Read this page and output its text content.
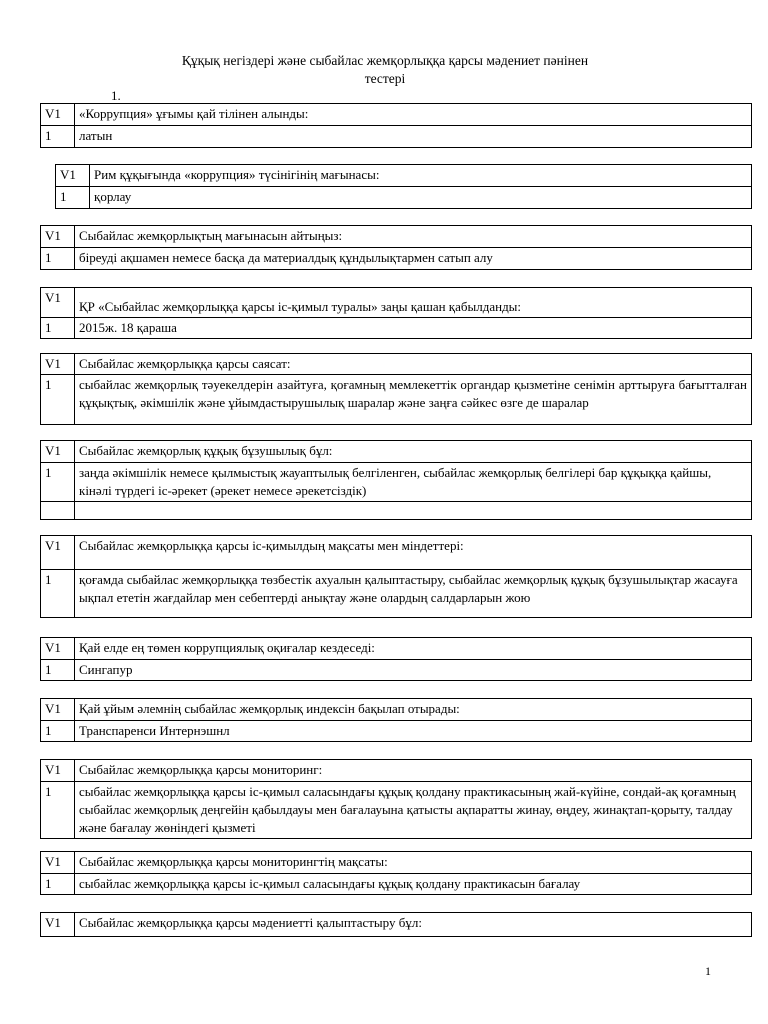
Құқық негіздері және сыбайлас жемқорлыққа қарсы мәдениет пәнінен
тестері
1.
V1	«Коррупция» ұғымы қай тілінен алынды:
1	латын
V1	Рим құқығында «коррупция» түсінігінің мағынасы:
1	қорлау
V1	Сыбайлас жемқорлықтың мағынасын айтыңыз:
1	біреуді ақшамен немесе басқа да материалдық құндылықтармен сатып алу
V1	ҚР «Сыбайлас жемқорлыққа қарсы іс-қимыл туралы» заңы қашан қабылданды:
1	2015ж. 18 қараша
V1	Сыбайлас жемқорлыққа қарсы саясат:
1	сыбайлас жемқорлық тәуекелдерін азайтуға, қоғамның мемлекеттік органдар қызметіне сенімін арттыруға бағытталған құқықтық, әкімшілік және ұйымдастырушылық шаралар және заңға сәйкес өзге де шаралар
V1	Сыбайлас жемқорлық құқық бұзушылық бұл:
1	заңда әкімшілік немесе қылмыстық жауаптылық белгіленген, сыбайлас жемқорлық белгілері бар құқыққа қайшы, кінәлі түрдегі іс-әрекет (әрекет немесе әрекетсіздік)

V1	Сыбайлас жемқорлыққа қарсы іс-қимылдың мақсаты мен міндеттері:
1	қоғамда сыбайлас жемқорлыққа төзбестік ахуалын қалыптастыру, сыбайлас жемқорлық құқық бұзушылықтар жасауға ықпал ететін жағдайлар мен себептерді анықтау және олардың салдарларын жою
V1	Қай елде ең төмен коррупциялық оқиғалар кездеседі:
1	Сингапур
V1	Қай ұйым әлемнің сыбайлас жемқорлық индексін бақылап отырады:
1	Транспаренси Интернэшнл
V1	Сыбайлас жемқорлыққа қарсы мониторинг:
1	сыбайлас жемқорлыққа қарсы іс-қимыл саласындағы құқық қолдану практикасының жай-күйіне, сондай-ақ қоғамның сыбайлас жемқорлық деңгейін қабылдауы мен бағалауына қатысты ақпаратты жинау, өңдеу, жинақтап-қорыту, талдау және бағалау жөніндегі қызметі
V1	Сыбайлас жемқорлыққа қарсы мониторингтің мақсаты:
1	сыбайлас жемқорлыққа қарсы іс-қимыл саласындағы құқық қолдану практикасын бағалау
V1	Сыбайлас жемқорлыққа қарсы мәдениетті қалыптастыру бұл:
1
